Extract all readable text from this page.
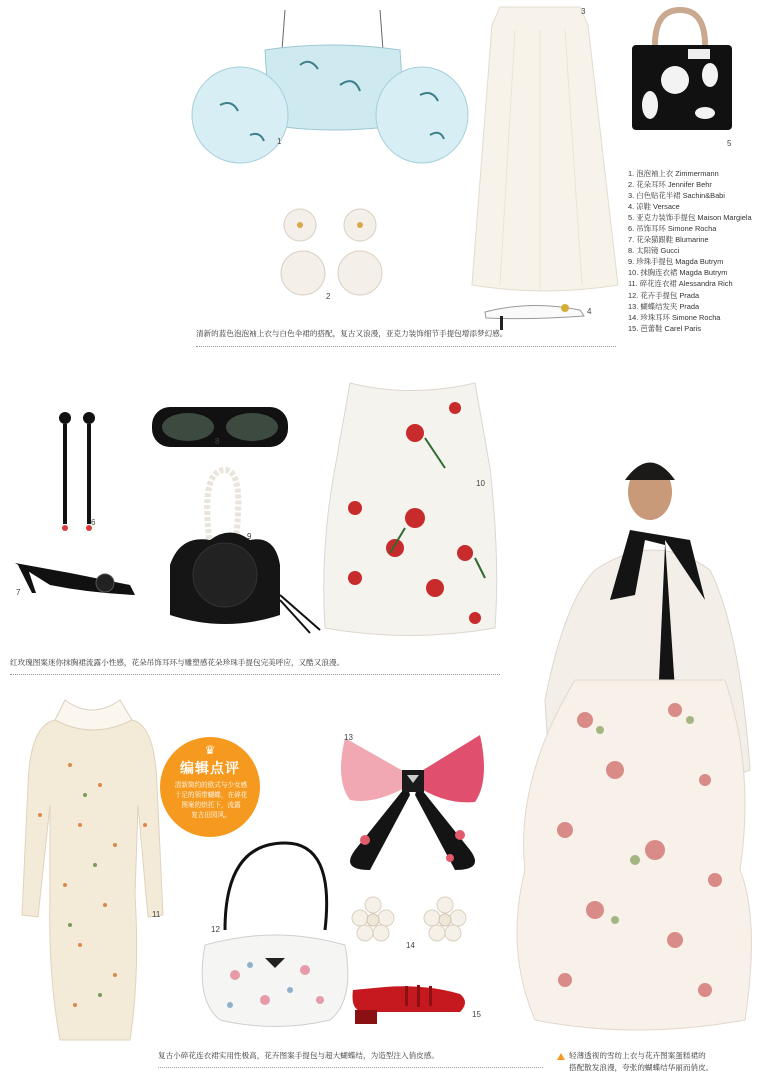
1
2
3
4
5
1. 泡泡袖上衣 Zimmermann
2. 花朵耳环 Jennifer Behr
3. 白色贴花半裙 Sachin&Babi
4. 凉鞋 Versace
5. 亚克力装饰手提包 Maison Margiela
6. 吊饰耳环 Simone Rocha
7. 花朵猫跟鞋 Blumarine
8. 太阳镜 Gucci
9. 珍珠手提包 Magda Butrym
10. 抹胸连衣裙 Magda Butrym
11. 碎花连衣裙 Alessandra Rich
12. 花卉手提包 Prada
13. 蝴蝶结发夹 Prada
14. 珍珠耳环 Simone Rocha
15. 芭蕾鞋 Carel Paris
清新的蓝色泡泡袖上衣与白色伞裙的搭配，复古又浪漫，亚克力装饰细节手提包增添梦幻感。
6
7
8
9
10
红玫瑰图案迷你抹胸裙流露小性感，花朵吊饰耳环与雕塑感花朵珍珠手提包完美呼应，又酷又浪漫。
轻薄透视的雪纺上衣与花卉图案蛋糕裙的
搭配散发浪漫，夸张的蝴蝶结华丽而俏皮。
11
♛
编辑点评
清新简约的欧式与少女感
十足的领带蝴蝶，在碎花
图案的烘托下，流露
复古田园风。
12
13
14
15
复古小碎花连衣裙实用性极高，花卉图案手提包与超大蝴蝶结，为造型注入俏皮感。
